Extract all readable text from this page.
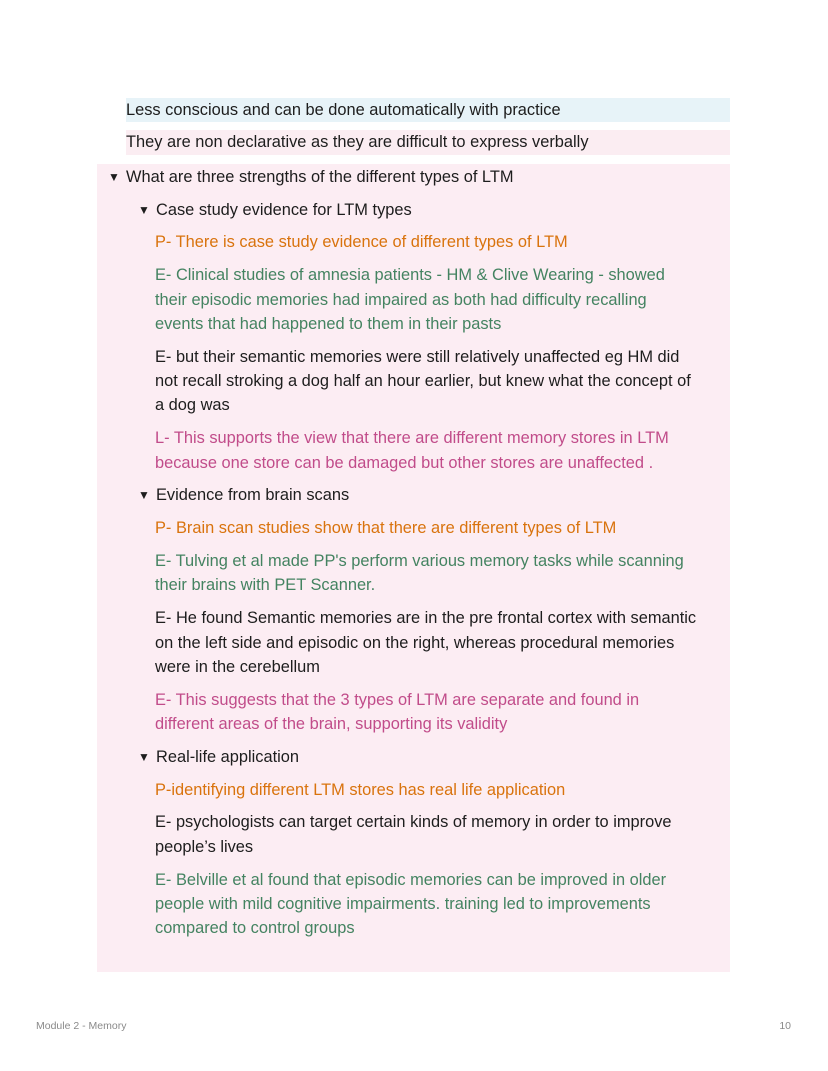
Less conscious and can be done automatically with practice
They are non declarative as they are difficult to express verbally
▼ What are three strengths of the different types of LTM
▼ Case study evidence for LTM types
P- There is case study evidence of different types of LTM
E- Clinical studies of amnesia patients - HM & Clive Wearing - showed
their episodic memories had impaired as both had difficulty recalling
events that had happened to them in their pasts
E- but their semantic memories were still relatively unaffected eg HM did
not recall stroking a dog half an hour earlier, but knew what the concept of
a dog was
L- This supports the view that there are different memory stores in LTM
because one store can be damaged but other stores are unaffected .
▼ Evidence from brain scans
P- Brain scan studies show that there are different types of LTM
E- Tulving et al made PP's perform various memory tasks while scanning
their brains with PET Scanner.
E- He found Semantic memories are in the pre frontal cortex with semantic
on the left side and episodic on the right, whereas procedural memories
were in the cerebellum
E- This suggests that the 3 types of LTM are separate and found in
different areas of the brain, supporting its validity
▼ Real-life application
P-identifying different LTM stores has real life application
E- psychologists can target certain kinds of memory in order to improve
people’s lives
E- Belville et al found that episodic memories can be improved in older
people with mild cognitive impairments. training led to improvements
compared to control groups
Module 2 - Memory	10
